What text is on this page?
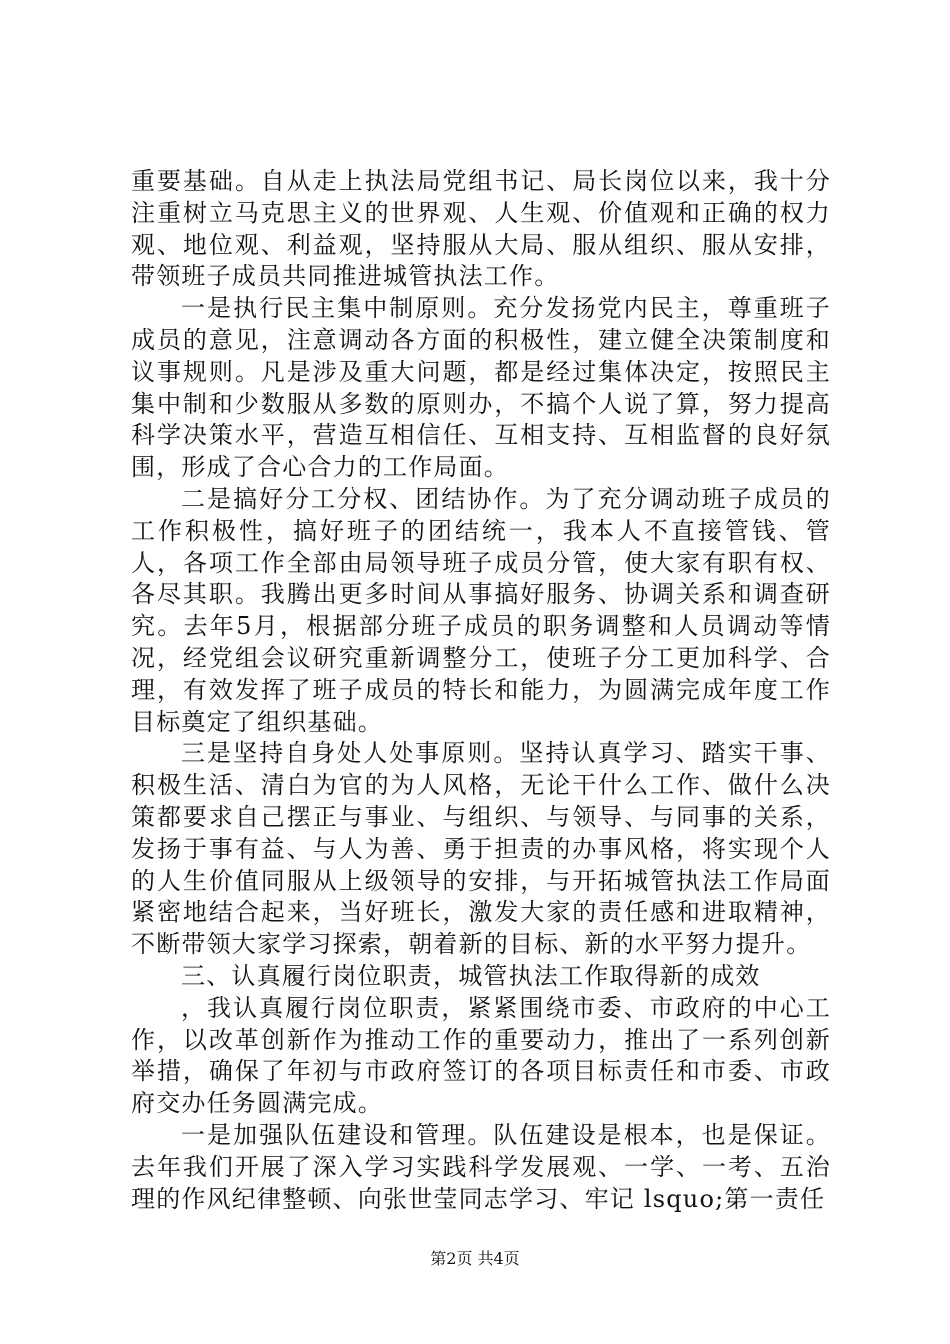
重要基础。自从走上执法局党组书记、局长岗位以来，我十分注重树立马克思主义的世界观、人生观、价值观和正确的权力观、地位观、利益观，坚持服从大局、服从组织、服从安排，带领班子成员共同推进城管执法工作。

一是执行民主集中制原则。充分发扬党内民主，尊重班子成员的意见，注意调动各方面的积极性，建立健全决策制度和议事规则。凡是涉及重大问题，都是经过集体决定，按照民主集中制和少数服从多数的原则办，不搞个人说了算，努力提高科学决策水平，营造互相信任、互相支持、互相监督的良好氛围，形成了合心合力的工作局面。

二是搞好分工分权、团结协作。为了充分调动班子成员的工作积极性，搞好班子的团结统一，我本人不直接管钱、管人，各项工作全部由局领导班子成员分管，使大家有职有权、各尽其职。我腾出更多时间从事搞好服务、协调关系和调查研究。去年5月，根据部分班子成员的职务调整和人员调动等情况，经党组会议研究重新调整分工，使班子分工更加科学、合理，有效发挥了班子成员的特长和能力，为圆满完成年度工作目标奠定了组织基础。

三是坚持自身处人处事原则。坚持认真学习、踏实干事、积极生活、清白为官的为人风格，无论干什么工作、做什么决策都要求自己摆正与事业、与组织、与领导、与同事的关系，发扬于事有益、与人为善、勇于担责的办事风格，将实现个人的人生价值同服从上级领导的安排，与开拓城管执法工作局面紧密地结合起来，当好班长，激发大家的责任感和进取精神，不断带领大家学习探索，朝着新的目标、新的水平努力提升。

三、认真履行岗位职责，城管执法工作取得新的成效

，我认真履行岗位职责，紧紧围绕市委、市政府的中心工作，以改革创新作为推动工作的重要动力，推出了一系列创新举措，确保了年初与市政府签订的各项目标责任和市委、市政府交办任务圆满完成。

一是加强队伍建设和管理。队伍建设是根本，也是保证。去年我们开展了深入学习实践科学发展观、一学、一考、五治理的作风纪律整顿、向张世莹同志学习、牢记 lsquo;第一责任

第2页 共4页
